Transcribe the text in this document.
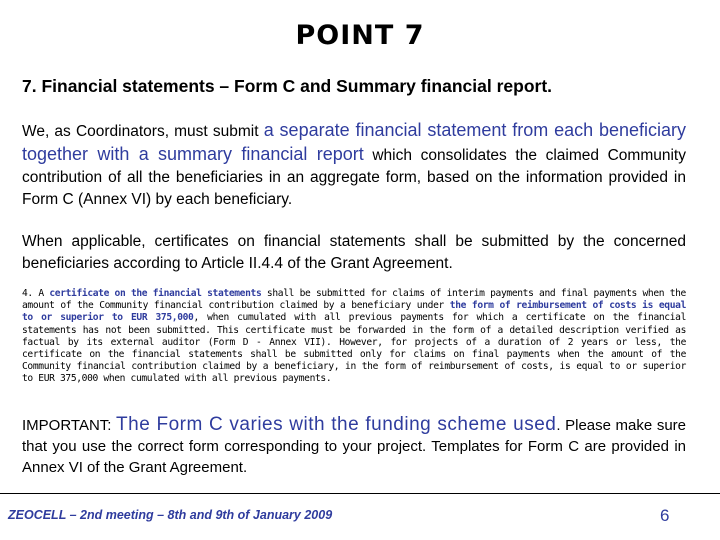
POINT 7
7. Financial statements – Form C and Summary financial report.
We, as Coordinators, must submit a separate financial statement from each beneficiary together with a summary financial report which consolidates the claimed Community contribution of all the beneficiaries in an aggregate form, based on the information provided in Form C (Annex VI) by each beneficiary.
When applicable, certificates on financial statements shall be submitted by the concerned beneficiaries according to Article II.4.4 of the Grant Agreement.
4. A certificate on the financial statements shall be submitted for claims of interim payments and final payments when the amount of the Community financial contribution claimed by a beneficiary under the form of reimbursement of costs is equal to or superior to EUR 375,000, when cumulated with all previous payments for which a certificate on the financial statements has not been submitted. This certificate must be forwarded in the form of a detailed description verified as factual by its external auditor (Form D - Annex VII). However, for projects of a duration of 2 years or less, the certificate on the financial statements shall be submitted only for claims on final payments when the amount of the Community financial contribution claimed by a beneficiary, in the form of reimbursement of costs, is equal to or superior to EUR 375,000 when cumulated with all previous payments.
IMPORTANT: The Form C varies with the funding scheme used. Please make sure that you use the correct form corresponding to your project. Templates for Form C are provided in Annex VI of the Grant Agreement.
ZEOCELL – 2nd meeting – 8th and 9th of January 2009	6
